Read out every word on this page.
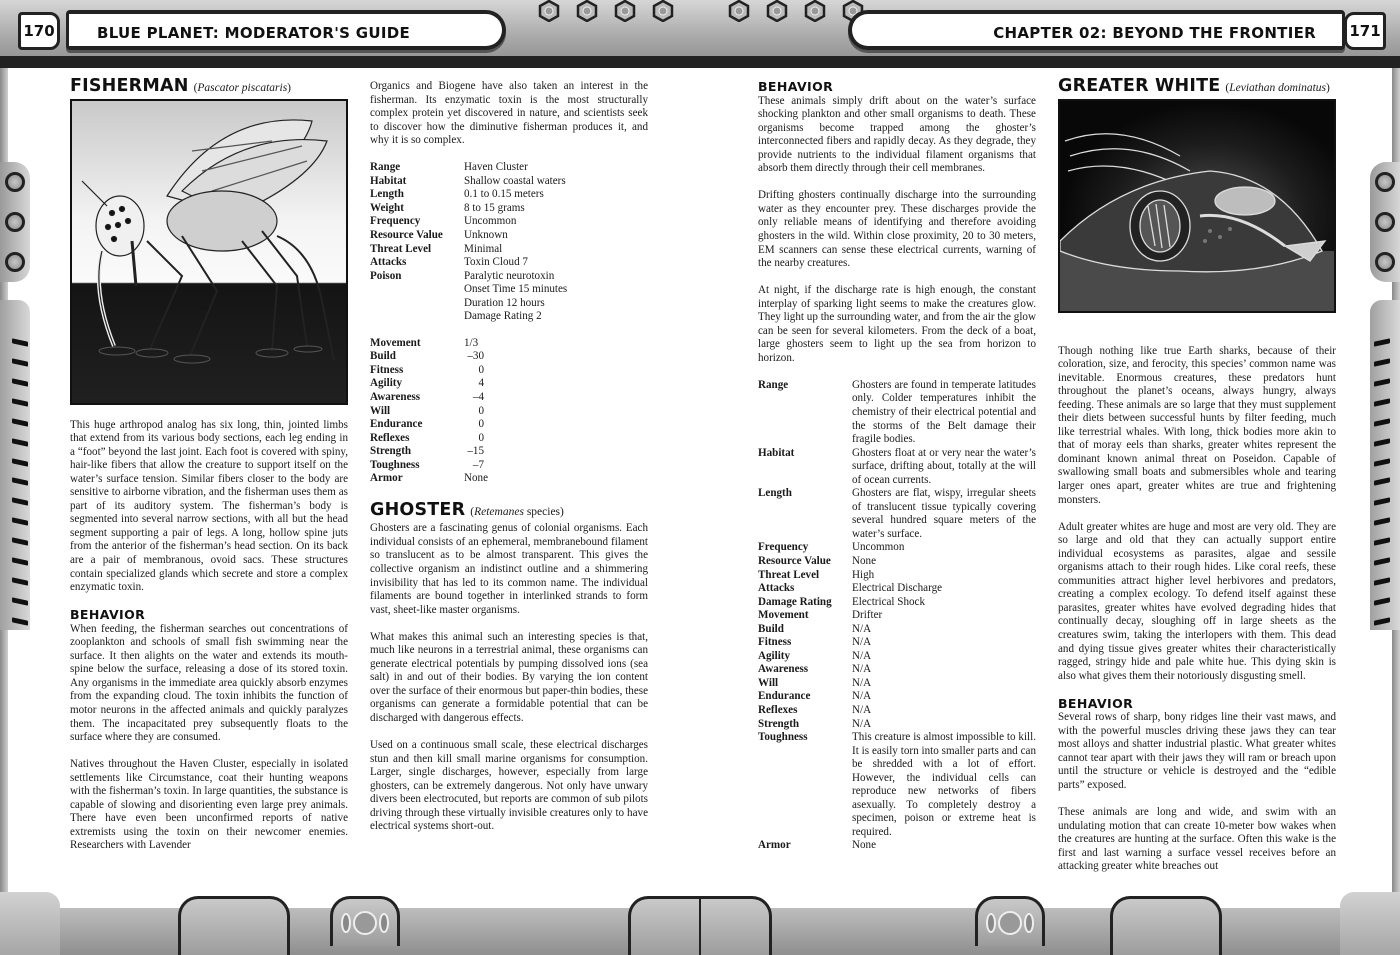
170	BLUE PLANET: MODERATOR'S GUIDE	CHAPTER 02: BEYOND THE FRONTIER	171
FISHERMAN (Pascator piscataris)

This huge arthropod analog has six long, thin, jointed limbs that extend from its various body sections, each leg ending in a “foot” beyond the last joint. Each foot is covered with spiny, hair-like fibers that allow the creature to support itself on the water’s surface tension. Similar fibers closer to the body are sensitive to airborne vibration, and the fisherman uses them as part of its auditory system. The fisherman’s body is segmented into several narrow sections, with all but the head segment supporting a pair of legs. A long, hollow spine juts from the anterior of the fisherman’s head section. On its back are a pair of membranous, ovoid sacs. These structures contain specialized glands which secrete and store a complex enzymatic toxin.

BEHAVIOR

When feeding, the fisherman searches out concentrations of zooplankton and schools of small fish swimming near the surface. It then alights on the water and extends its mouth-spine below the surface, releasing a dose of its stored toxin. Any organisms in the immediate area quickly absorb enzymes from the expanding cloud. The toxin inhibits the function of motor neurons in the affected animals and quickly paralyzes them. The incapacitated prey subsequently floats to the surface where they are consumed.

Natives throughout the Haven Cluster, especially in isolated settlements like Circumstance, coat their hunting weapons with the fisherman’s toxin. In large quantities, the substance is capable of slowing and disorienting even large prey animals. There have even been unconfirmed reports of native extremists using the toxin on their newcomer enemies. Researchers with Lavender

Organics and Biogene have also taken an interest in the fisherman. Its enzymatic toxin is the most structurally complex protein yet discovered in nature, and scientists seek to discover how the diminutive fisherman produces it, and why it is so complex.

Range	Haven Cluster
Habitat	Shallow coastal waters
Length	0.1 to 0.15 meters
Weight	8 to 15 grams
Frequency	Uncommon
Resource Value	Unknown
Threat Level	Minimal
Attacks	Toxin Cloud 7
Poison	Paralytic neurotoxin
	Onset Time 15 minutes
	Duration 12 hours
	Damage Rating 2
Movement	1/3
Build	–30
Fitness	0
Agility	4
Awareness	–4
Will	0
Endurance	0
Reflexes	0
Strength	–15
Toughness	–7
Armor	None
GHOSTER (Retemanes species)

Ghosters are a fascinating genus of colonial organisms. Each individual consists of an ephemeral, membranebound filament so translucent as to be almost transparent. This gives the collective organism an indistinct outline and a shimmering invisibility that has led to its common name. The individual filaments are bound together in interlinked strands to form vast, sheet-like master organisms.

What makes this animal such an interesting species is that, much like neurons in a terrestrial animal, these organisms can generate electrical potentials by pumping dissolved ions (sea salt) in and out of their bodies. By varying the ion content over the surface of their enormous but paper-thin bodies, these organisms can generate a formidable potential that can be discharged with dangerous effects.

Used on a continuous small scale, these electrical discharges stun and then kill small marine organisms for consumption. Larger, single discharges, however, especially from large ghosters, can be extremely dangerous. Not only have unwary divers been electrocuted, but reports are common of sub pilots driving through these virtually invisible creatures only to have electrical systems short-out.

BEHAVIOR

These animals simply drift about on the water’s surface shocking plankton and other small organisms to death. These organisms become trapped among the ghoster’s interconnected fibers and rapidly decay. As they degrade, they provide nutrients to the individual filament organisms that absorb them directly through their cell membranes.

Drifting ghosters continually discharge into the surrounding water as they encounter prey. These discharges provide the only reliable means of identifying and therefore avoiding ghosters in the wild. Within close proximity, 20 to 30 meters, EM scanners can sense these electrical currents, warning of the nearby creatures.

At night, if the discharge rate is high enough, the constant interplay of sparking light seems to make the creatures glow. They light up the surrounding water, and from the air the glow can be seen for several kilometers. From the deck of a boat, large ghosters seem to light up the sea from horizon to horizon.

Range	Ghosters are found in temperate latitudes only. Colder temperatures inhibit the chemistry of their electrical potential and the storms of the Belt damage their fragile bodies.
Habitat	Ghosters float at or very near the water’s surface, drifting about, totally at the will of ocean currents.
Length	Ghosters are flat, wispy, irregular sheets of translucent tissue typically covering several hundred square meters of the water’s surface.
Frequency	Uncommon
Resource Value	None
Threat Level	High
Attacks	Electrical Discharge
Damage Rating	Electrical Shock
Movement	Drifter
Build	N/A
Fitness	N/A
Agility	N/A
Awareness	N/A
Will	N/A
Endurance	N/A
Reflexes	N/A
Strength	N/A
Toughness	This creature is almost impossible to kill. It is easily torn into smaller parts and can be shredded with a lot of effort. However, the individual cells can reproduce new networks of fibers asexually. To completely destroy a specimen, poison or extreme heat is required.
Armor	None
GREATER WHITE (Leviathan dominatus)

Though nothing like true Earth sharks, because of their coloration, size, and ferocity, this species’ common name was inevitable. Enormous creatures, these predators hunt throughout the planet’s oceans, always hungry, always feeding. These animals are so large that they must supplement their diets between successful hunts by filter feeding, much like terrestrial whales. With long, thick bodies more akin to that of moray eels than sharks, greater whites represent the dominant known animal threat on Poseidon. Capable of swallowing small boats and submersibles whole and tearing larger ones apart, greater whites are true and frightening monsters.

Adult greater whites are huge and most are very old. They are so large and old that they can actually support entire individual ecosystems as parasites, algae and sessile organisms attach to their rough hides. Like coral reefs, these communities attract higher level herbivores and predators, creating a complex ecology. To defend itself against these parasites, greater whites have evolved degrading hides that continually decay, sloughing off in large sheets as the creatures swim, taking the interlopers with them. This dead and dying tissue gives greater whites their characteristically ragged, stringy hide and pale white hue. This dying skin is also what gives them their notoriously disgusting smell.

BEHAVIOR

Several rows of sharp, bony ridges line their vast maws, and with the powerful muscles driving these jaws they can tear most alloys and shatter industrial plastic. What greater whites cannot tear apart with their jaws they will ram or breach upon until the structure or vehicle is destroyed and the “edible parts” exposed.

These animals are long and wide, and swim with an undulating motion that can create 10-meter bow wakes when the creatures are hunting at the surface. Often this wake is the first and last warning a surface vessel receives before an attacking greater white breaches out
